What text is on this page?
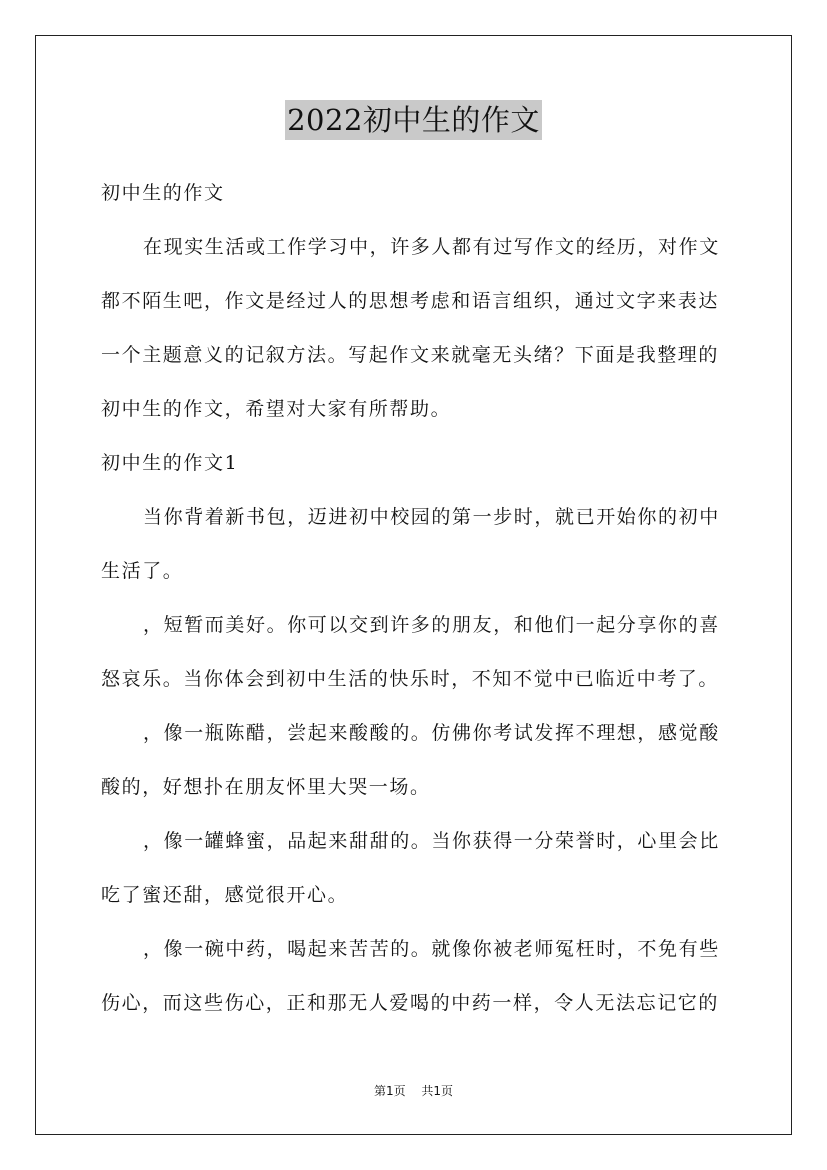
2022初中生的作文
初中生的作文
在现实生活或工作学习中，许多人都有过写作文的经历，对作文
都不陌生吧，作文是经过人的思想考虑和语言组织，通过文字来表达
一个主题意义的记叙方法。写起作文来就毫无头绪？下面是我整理的
初中生的作文，希望对大家有所帮助。
初中生的作文1
当你背着新书包，迈进初中校园的第一步时，就已开始你的初中
生活了。
，短暂而美好。你可以交到许多的朋友，和他们一起分享你的喜
怒哀乐。当你体会到初中生活的快乐时，不知不觉中已临近中考了。
，像一瓶陈醋，尝起来酸酸的。仿佛你考试发挥不理想，感觉酸
酸的，好想扑在朋友怀里大哭一场。
，像一罐蜂蜜，品起来甜甜的。当你获得一分荣誉时，心里会比
吃了蜜还甜，感觉很开心。
，像一碗中药，喝起来苦苦的。就像你被老师冤枉时，不免有些
伤心，而这些伤心，正和那无人爱喝的中药一样，令人无法忘记它的
第1页 共1页
